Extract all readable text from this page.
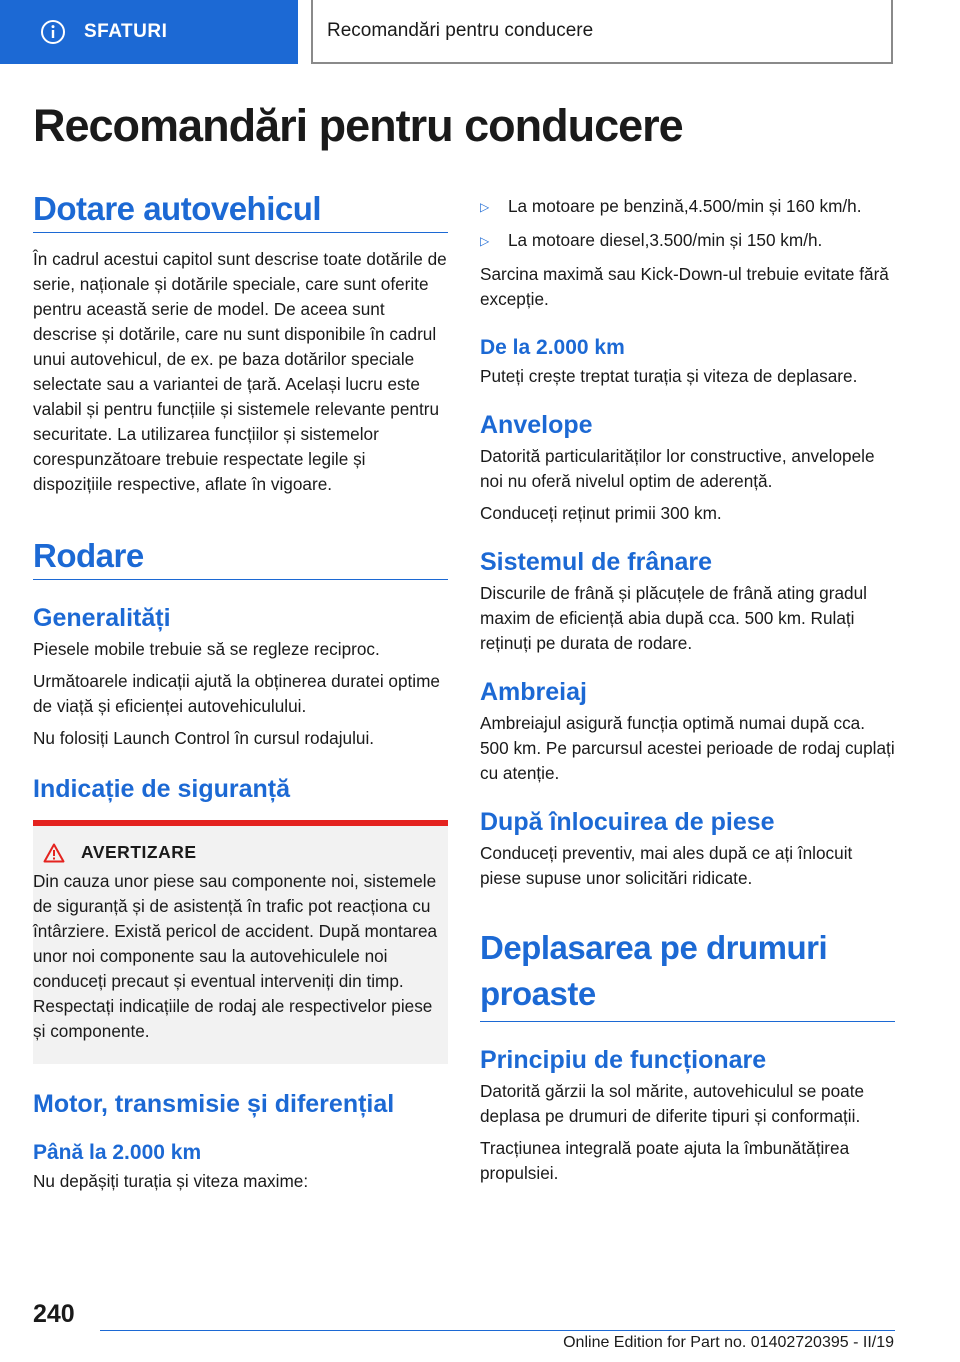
SFATURI	Recomandări pentru conducere
Recomandări pentru conducere
Dotare autovehicul

În cadrul acestui capitol sunt descrise toate dotările de serie, naționale și dotările speciale, care sunt oferite pentru această serie de model. De aceea sunt descrise și dotările, care nu sunt disponibile în cadrul unui autovehicul, de ex. pe baza dotărilor speciale selectate sau a variantei de țară. Același lucru este valabil și pentru funcțiile și sistemele relevante pentru securitate. La utilizarea funcțiilor și sistemelor corespunzătoare trebuie respectate legile și dispozițiile respective, aflate în vigoare.

Rodare
Generalități

Piesele mobile trebuie să se regleze reciproc.

Următoarele indicații ajută la obținerea duratei optime de viață și eficienței autovehiculului.

Nu folosiți Launch Control în cursul rodajului.

Indicație de siguranță
AVERTIZARE

Din cauza unor piese sau componente noi, sistemele de siguranță și de asistență în trafic pot reacționa cu întârziere. Există pericol de accident. După montarea unor noi componente sau la autovehiculele noi conduceți precaut și eventual interveniți din timp. Respectați indicațiile de rodaj ale respectivelor piese și componente.

Motor, transmisie și diferențial
Până la 2.000 km

Nu depășiți turația și viteza maxime:

▷	La motoare pe benzină,4.500/min și 160 km/h.
▷	La motoare diesel,3.500/min și 150 km/h.

Sarcina maximă sau Kick-Down-ul trebuie evitate fără excepție.

De la 2.000 km

Puteți crește treptat turația și viteza de deplasare.

Anvelope

Datorită particularităților lor constructive, anvelopele noi nu oferă nivelul optim de aderență.

Conduceți reținut primii 300 km.

Sistemul de frânare

Discurile de frână și plăcuțele de frână ating gradul maxim de eficiență abia după cca. 500 km. Rulați reținuți pe durata de rodare.

Ambreiaj

Ambreiajul asigură funcția optimă numai după cca. 500 km. Pe parcursul acestei perioade de rodaj cuplați cu atenție.

După înlocuirea de piese

Conduceți preventiv, mai ales după ce ați înlocuit piese supuse unor solicitări ridicate.

Deplasarea pe drumuri proaste
Principiu de funcționare

Datorită gărzii la sol mărite, autovehiculul se poate deplasa pe drumuri de diferite tipuri și conformații.

Tracțiunea integrală poate ajuta la îmbunătățirea propulsiei.

240
Online Edition for Part no. 01402720395 - II/19
